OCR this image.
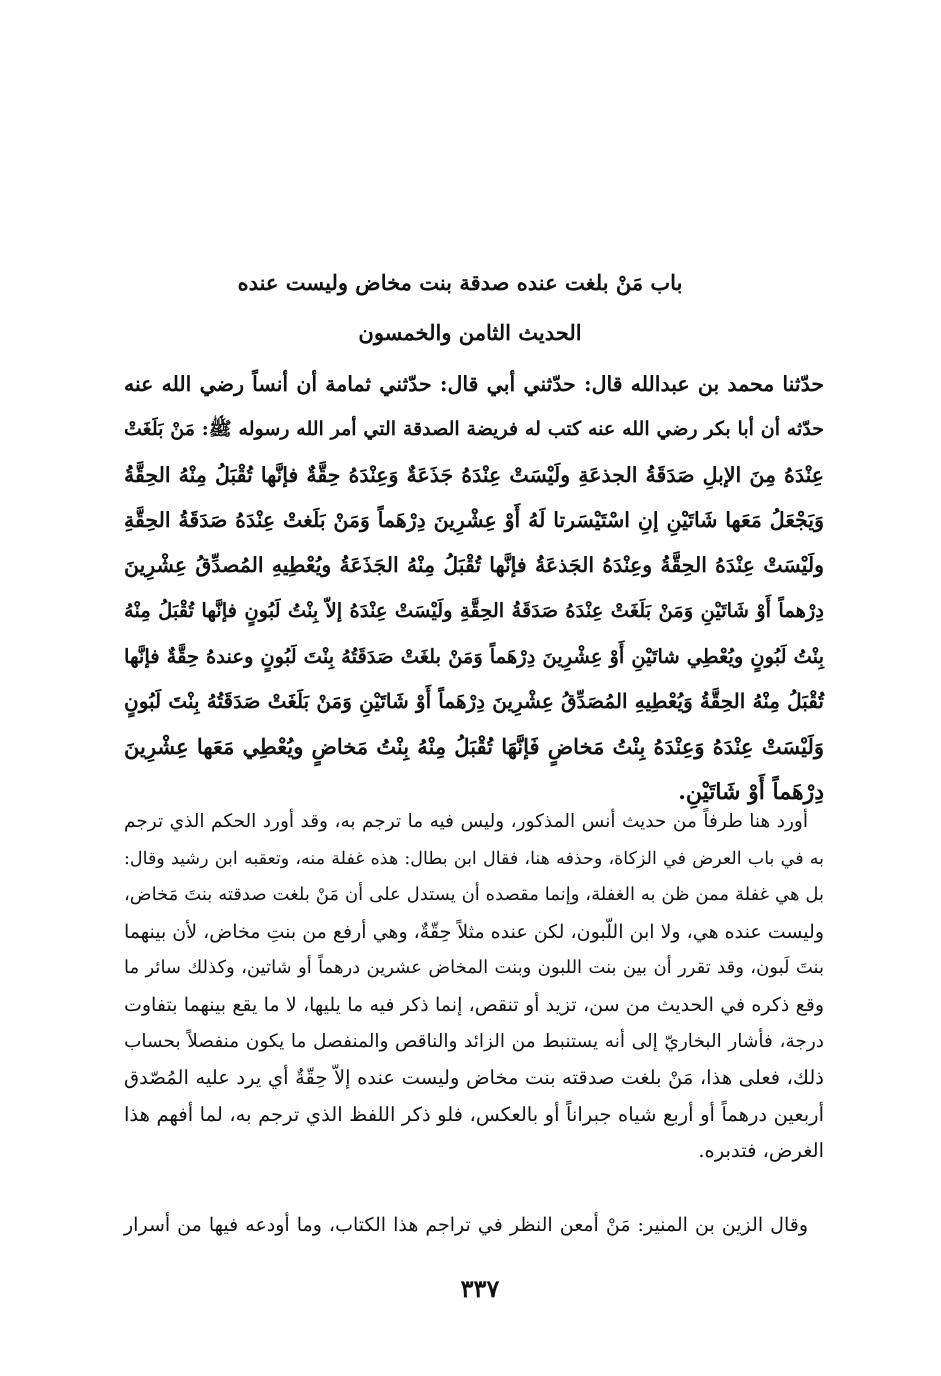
باب مَنْ بلغت عنده صدقة بنت مخاض وليست عنده
الحديث الثامن والخمسون
حدّثنا محمد بن عبدالله قال: حدّثني أبي قال: حدّثني ثمامة أن أنساً رضي الله عنه
حدّثه أن أبا بكر رضي الله عنه كتب له فريضة الصدقة التي أمر الله رسوله ﷺ: مَنْ بَلَغَتْ
عِنْدَهُ مِنَ الإبلِ صَدَقَةُ الجذعَةِ ولَيْسَتْ عِنْدَهُ جَذَعَةٌ وَعِنْدَهُ حِقَّةٌ فإنَّها تُقْبَلُ مِنْهُ الحِقَّةُ
وَيَجْعَلُ مَعَها شَاتَيْنِ إنِ اسْتَيْسَرتا لَهُ أَوْ عِشْرِينَ دِرْهَماً وَمَنْ بَلَغتْ عِنْدَهُ صَدَقَةُ الحِقَّةِ
ولَيْسَتْ عِنْدَهُ الحِقَّةُ وعِنْدَهُ الجَذعَةُ فإنَّها تُقْبَلُ مِنْهُ الجَذَعَةُ ويُعْطِيهِ المُصدِّقُ عِشْرِينَ
دِرْهماً أَوْ شَاتَيْنِ وَمَنْ بَلَغَتْ عِنْدَهُ صَدَقَةُ الحِقَّةِ ولَيْسَتْ عِنْدَهُ إلاّ بِنْتُ لَبُونٍ فإنَّها تُقْبَلُ مِنْهُ
بِنْتُ لَبُونٍ ويُعْطِي شاتَيْنِ أَوْ عِشْرِينَ دِرْهَماً وَمَنْ بلغَتْ صَدَقَتُهُ بِنْتَ لَبُونٍ وعندهُ حِقَّةٌ فإنَّها
تُقْبَلُ مِنْهُ الحِقَّةُ وَيُعْطِيهِ المُصَدِّقُ عِشْرِينَ دِرْهَماً أَوْ شَاتَيْنِ وَمَنْ بَلَغَتْ صَدَقَتُهُ بِنْتَ لَبُونٍ
وَلَيْسَتْ عِنْدَهُ وَعِنْدَهُ بِنْتُ مَخاضٍ فَإنَّهَا تُقْبَلُ مِنْهُ بِنْتُ مَخاضٍ ويُعْطِي مَعَها عِشْرِينَ
دِرْهَماً أَوْ شَاتَيْنِ.
أورد هنا طرفاً من حديث أنس المذكور، وليس فيه ما ترجم به، وقد أورد الحكم الذي ترجم
به في باب العرض في الزكاة، وحذفه هنا، فقال ابن بطال: هذه غفلة منه، وتعقبه ابن رشيد وقال:
بل هي غفلة ممن ظن به الغفلة، وإنما مقصده أن يستدل على أن مَنْ بلغت صدقته بنتَ مَخاض،
وليست عنده هي، ولا ابن اللّبون، لكن عنده مثلاً حِقّةٌ، وهي أرفع من بنتِ مخاض، لأن بينهما
بنتَ لَبون، وقد تقرر أن بين بنت اللبون وبنت المخاض عشرين درهماً أو شاتين، وكذلك سائر ما
وقع ذكره في الحديث من سن، تزيد أو تنقص، إنما ذكر فيه ما يليها، لا ما يقع بينهما بتفاوت
درجة، فأشار البخاريّ إلى أنه يستنبط من الزائد والناقص والمنفصل ما يكون منفصلاً بحساب
ذلك، فعلى هذا، مَنْ بلغت صدقته بنت مخاض وليست عنده إلاّ حِقّةٌ أي يرد عليه المُصّدق
أربعين درهماً أو أربع شياه جبراناً أو بالعكس، فلو ذكر اللفظ الذي ترجم به، لما أفهم هذا
الغرض، فتدبره.
وقال الزين بن المنير: مَنْ أمعن النظر في تراجم هذا الكتاب، وما أودعه فيها من أسرار
٣٣٧
